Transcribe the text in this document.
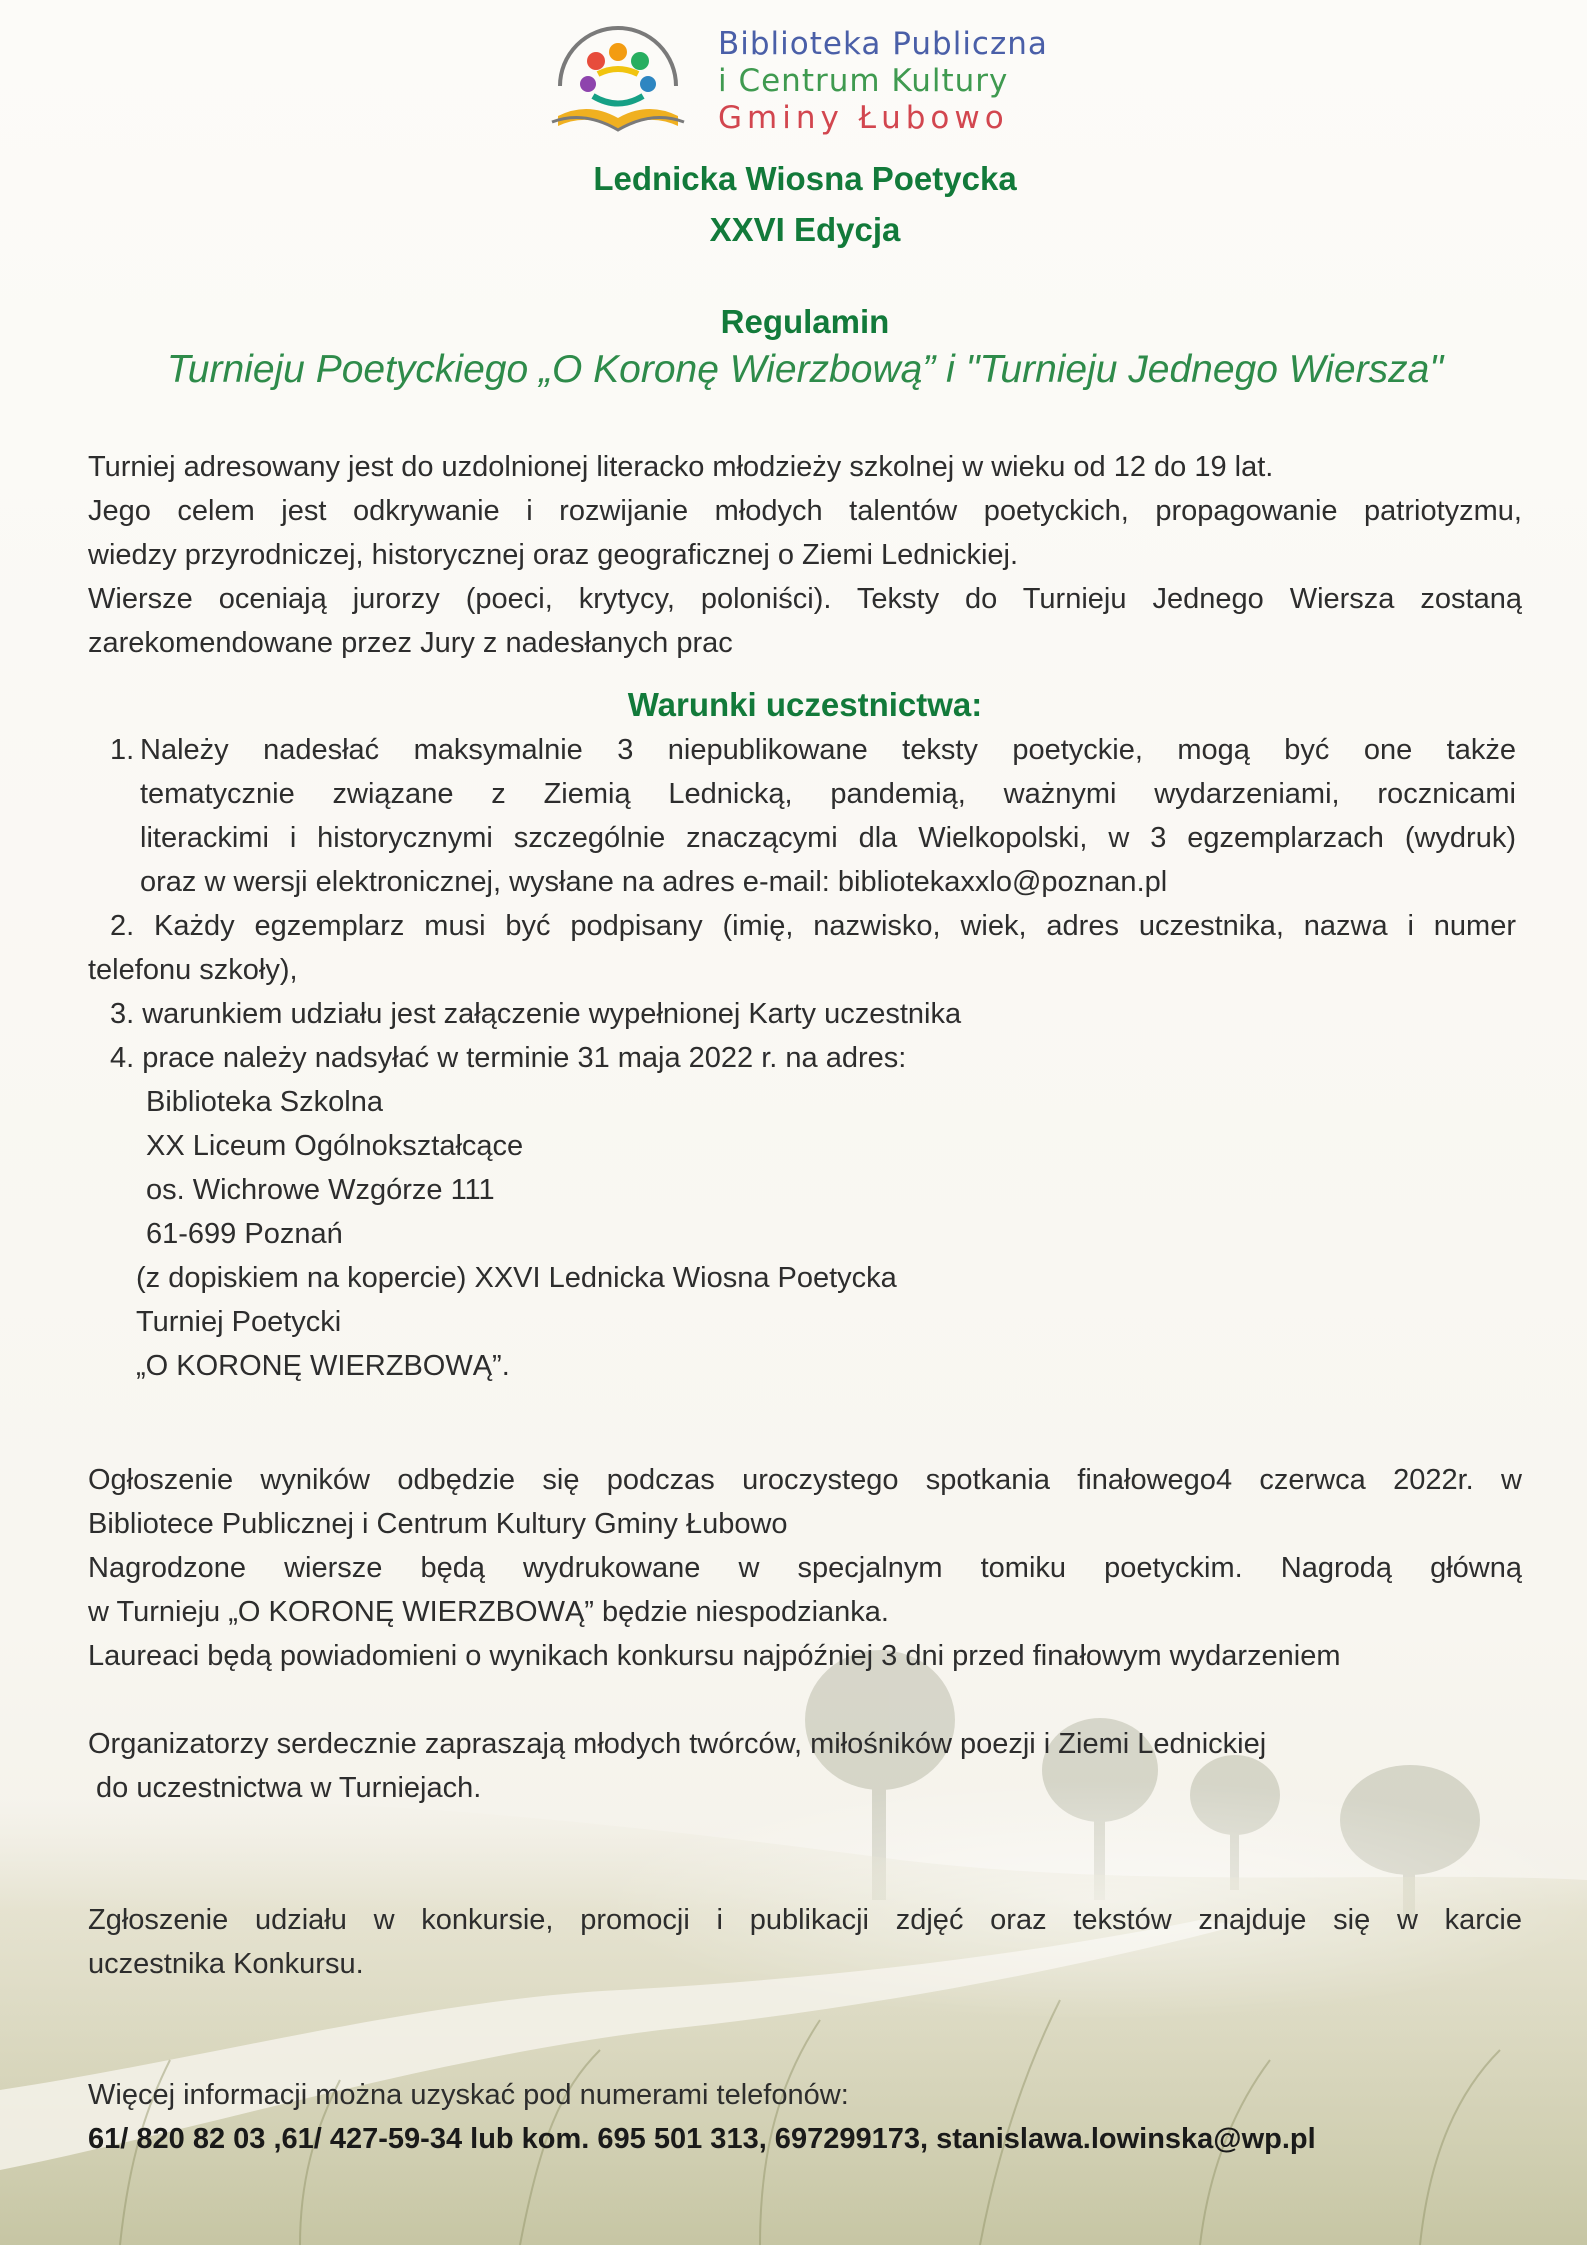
Biblioteka Publiczna
i Centrum Kultury
Gminy Łubowo
Lednicka Wiosna Poetycka
XXVI Edycja
Regulamin
Turnieju Poetyckiego „O Koronę Wierzbową” i "Turnieju Jednego Wiersza"
Turniej adresowany jest do uzdolnionej literacko młodzieży szkolnej w wieku od 12 do 19 lat.
Jego celem jest odkrywanie i rozwijanie młodych talentów poetyckich, propagowanie patriotyzmu,
wiedzy przyrodniczej, historycznej oraz geograficznej o Ziemi Lednickiej.
Wiersze oceniają jurorzy (poeci, krytycy, poloniści). Teksty do Turnieju Jednego Wiersza zostaną
zarekomendowane przez Jury z nadesłanych prac
Warunki uczestnictwa:
1. Należy nadesłać maksymalnie 3 niepublikowane teksty poetyckie, mogą być one także
tematycznie związane z Ziemią Lednicką, pandemią, ważnymi wydarzeniami, rocznicami
literackimi i historycznymi szczególnie znaczącymi dla Wielkopolski, w 3 egzemplarzach (wydruk)
oraz w wersji elektronicznej, wysłane na adres e-mail: bibliotekaxxlo@poznan.pl
2. Każdy egzemplarz musi być podpisany (imię, nazwisko, wiek, adres uczestnika, nazwa i numer
telefonu szkoły),
3. warunkiem udziału jest załączenie wypełnionej Karty uczestnika
4. prace należy nadsyłać w terminie 31 maja 2022 r. na adres:
Biblioteka Szkolna
XX Liceum Ogólnokształcące
os. Wichrowe Wzgórze 111
61-699 Poznań
(z dopiskiem na kopercie) XXVI Lednicka Wiosna Poetycka
Turniej Poetycki
„O KORONĘ WIERZBOWĄ”.
Ogłoszenie wyników odbędzie się podczas uroczystego spotkania finałowego4 czerwca 2022r. w
Bibliotece Publicznej i Centrum Kultury Gminy Łubowo
Nagrodzone wiersze będą wydrukowane w specjalnym tomiku poetyckim. Nagrodą główną
w Turnieju „O KORONĘ WIERZBOWĄ” będzie niespodzianka.
Laureaci będą powiadomieni o wynikach konkursu najpóźniej 3 dni przed finałowym wydarzeniem
Organizatorzy serdecznie zapraszają młodych twórców, miłośników poezji i Ziemi Lednickiej
do uczestnictwa w Turniejach.
Zgłoszenie udziału w konkursie, promocji i publikacji zdjęć oraz tekstów znajduje się w karcie
uczestnika Konkursu.
Więcej informacji można uzyskać pod numerami telefonów:
61/ 820 82 03 ,61/ 427-59-34 lub kom. 695 501 313, 697299173, stanislawa.lowinska@wp.pl
